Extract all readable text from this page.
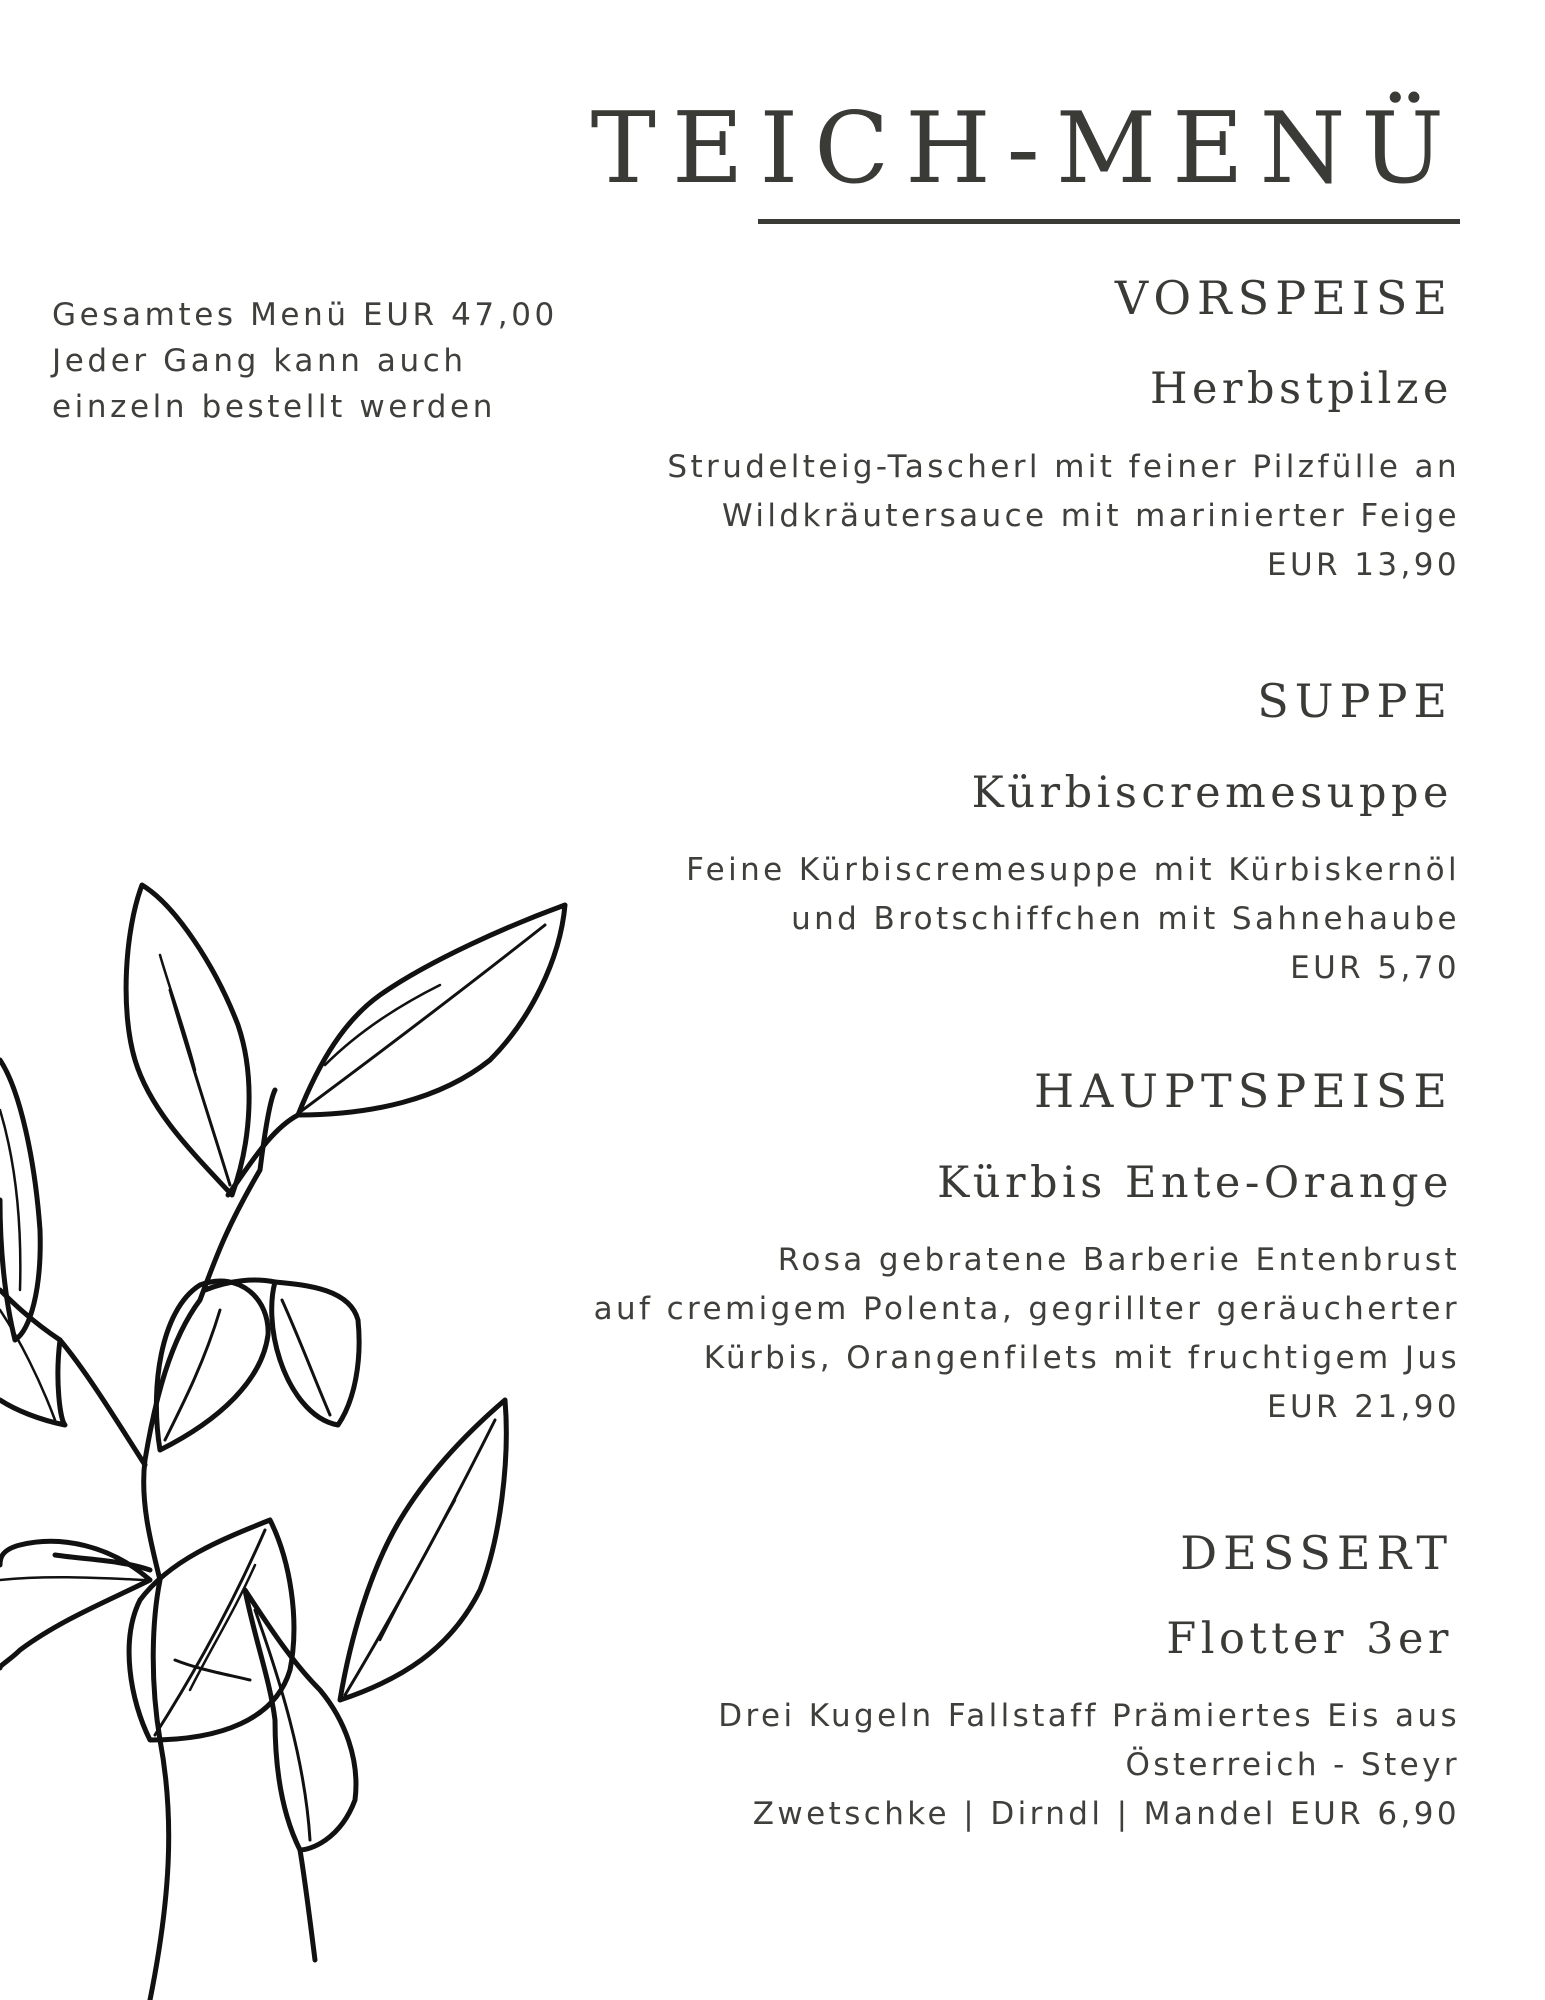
TEICH-MENÜ
Gesamtes Menü EUR 47,00
Jeder Gang kann auch
einzeln bestellt werden
VORSPEISE
Herbstpilze
Strudelteig-Tascherl mit feiner Pilzfülle an
Wildkräutersauce mit marinierter Feige
EUR 13,90
SUPPE
Kürbiscremesuppe
Feine Kürbiscremesuppe mit Kürbiskernöl
und Brotschiffchen mit Sahnehaube
EUR 5,70
HAUPTSPEISE
Kürbis Ente-Orange
Rosa gebratene Barberie Entenbrust
auf cremigem Polenta, gegrillter geräucherter
Kürbis, Orangenfilets mit fruchtigem Jus
EUR 21,90
DESSERT
Flotter 3er
Drei Kugeln Fallstaff Prämiertes Eis aus
Österreich - Steyr
Zwetschke | Dirndl | Mandel EUR 6,90
